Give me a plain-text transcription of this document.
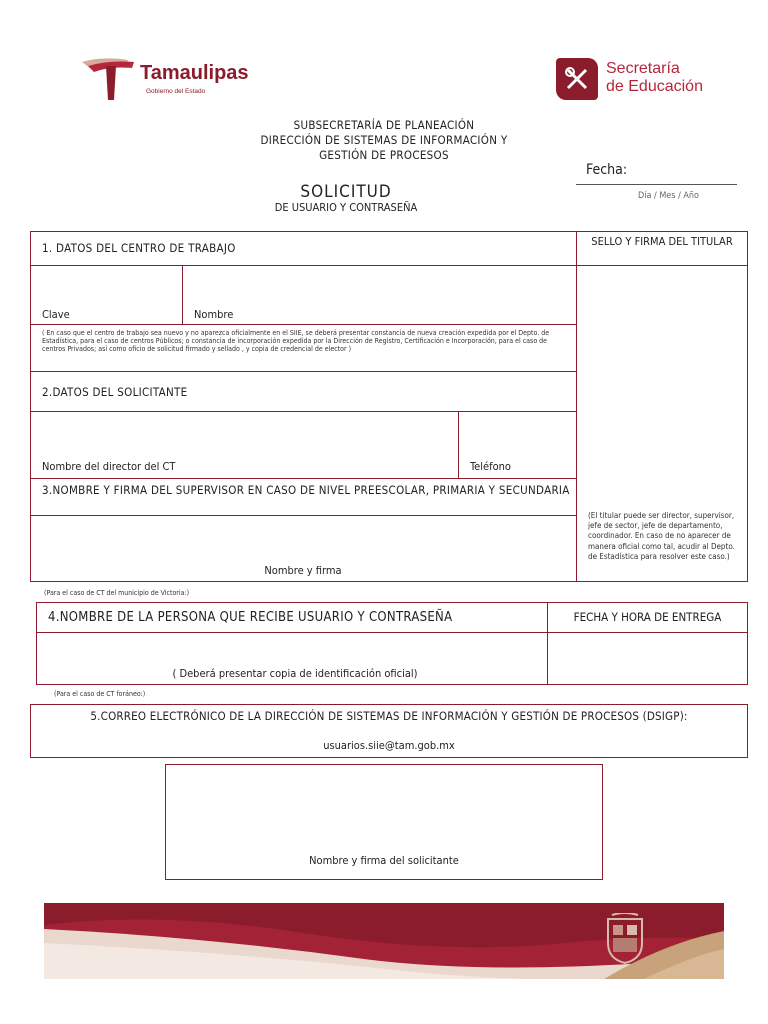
Tamaulipas
Gobierno del Estado
Secretaría
de Educación
SUBSECRETARÍA DE PLANEACIÓN
DIRECCIÓN DE SISTEMAS DE INFORMACIÓN Y
GESTIÓN DE PROCESOS
SOLICITUD
DE USUARIO Y CONTRASEÑA
Fecha:
Día / Mes / Año
1. DATOS DEL CENTRO DE TRABAJO
Clave	Nombre
( En caso que el centro de trabajo sea nuevo y no aparezca oficialmente en el SIIE, se deberá presentar constancia de nueva creación expedida por el Depto. de Estadística, para el caso de centros Públicos; o constancia de incorporación expedida por la Dirección de Registro, Certificación e Incorporación, para el caso de centros Privados; así como oficio de solicitud firmado y sellado , y copia de credencial de elector )
SELLO Y FIRMA DEL TITULAR
(El titular puede ser director, supervisor, jefe de sector, jefe de departamento, coordinador. En caso de no aparecer de manera oficial como tal, acudir al Depto. de Estadística para resolver este caso.)
2.DATOS DEL SOLICITANTE
Nombre del director del CT	Teléfono
3.NOMBRE Y FIRMA DEL SUPERVISOR EN CASO DE NIVEL PREESCOLAR, PRIMARIA Y SECUNDARIA
Nombre y firma
(Para el caso de CT del municipio de Victoria:)
4.NOMBRE DE LA PERSONA QUE RECIBE USUARIO Y CONTRASEÑA	FECHA Y HORA DE ENTREGA
( Deberá presentar copia de identificación oficial)
(Para el caso de CT foráneo:)
5.CORREO ELECTRÓNICO DE LA DIRECCIÓN DE SISTEMAS DE INFORMACIÓN Y GESTIÓN DE PROCESOS (DSIGP):
usuarios.siie@tam.gob.mx
Nombre y firma del solicitante
